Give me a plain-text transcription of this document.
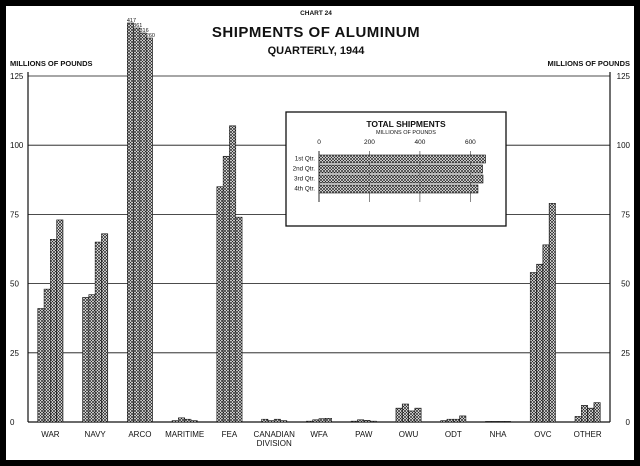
CHART 24
SHIPMENTS OF ALUMINUM
QUARTERLY, 1944
MILLIONS OF POUNDS	MILLIONS OF POUNDS
0	0
25	25
50	50
75	75
100	100
125	125
WAR	NAVY
417
361
316
260
ARCO MARITIME FEA CANADIAN DIVISION
WFA	PAW	OWU	ODT	NHA	OVC	OTHER
TOTAL SHIPMENTS
MILLIONS OF POUNDS
0	200	400	600
1st Qtr.
2nd Qtr.
3rd Qtr.
4th Qtr.
